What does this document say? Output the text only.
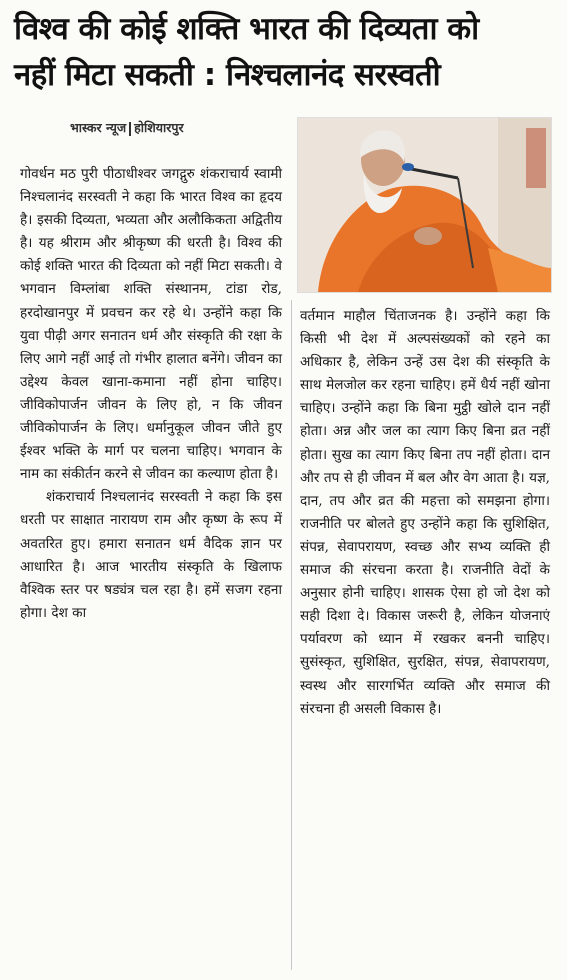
विश्व की कोई शक्ति भारत की दिव्यता को
नहीं मिटा सकती : निश्चलानंद सरस्वती
भास्कर न्यूज होशियारपुर

गोवर्धन मठ पुरी पीठाधीश्वर जगद्गुरु शंकराचार्य स्वामी निश्चलानंद सरस्वती ने कहा कि भारत विश्व का हृदय है। इसकी दिव्यता, भव्यता और अलौकिकता अद्वितीय है। यह श्रीराम और श्रीकृष्ण की धरती है। विश्व की कोई शक्ति भारत की दिव्यता को नहीं मिटा सकती। वे भगवान विम्लांबा शक्ति संस्थानम, टांडा रोड, हरदोखानपुर में प्रवचन कर रहे थे। उन्होंने कहा कि युवा पीढ़ी अगर सनातन धर्म और संस्कृति की रक्षा के लिए आगे नहीं आई तो गंभीर हालात बनेंगे। जीवन का उद्देश्य केवल खाना-कमाना नहीं होना चाहिए। जीविकोपार्जन जीवन के लिए हो, न कि जीवन जीविकोपार्जन के लिए। धर्मानुकूल जीवन जीते हुए ईश्वर भक्ति के मार्ग पर चलना चाहिए। भगवान के नाम का संकीर्तन करने से जीवन का कल्याण होता है।

शंकराचार्य निश्चलानंद सरस्वती ने कहा कि इस धरती पर साक्षात नारायण राम और कृष्ण के रूप में अवतरित हुए। हमारा सनातन धर्म वैदिक ज्ञान पर आधारित है। आज भारतीय संस्कृति के खिलाफ वैश्विक स्तर पर षड्यंत्र चल रहा है। हमें सजग रहना होगा। देश का

वर्तमान माहौल चिंताजनक है। उन्होंने कहा कि किसी भी देश में अल्पसंख्यकों को रहने का अधिकार है, लेकिन उन्हें उस देश की संस्कृति के साथ मेलजोल कर रहना चाहिए। हमें धैर्य नहीं खोना चाहिए। उन्होंने कहा कि बिना मुट्ठी खोले दान नहीं होता। अन्न और जल का त्याग किए बिना व्रत नहीं होता। सुख का त्याग किए बिना तप नहीं होता। दान और तप से ही जीवन में बल और वेग आता है। यज्ञ, दान, तप और व्रत की महत्ता को समझना होगा। राजनीति पर बोलते हुए उन्होंने कहा कि सुशिक्षित, संपन्न, सेवापरायण, स्वच्छ और सभ्य व्यक्ति ही समाज की संरचना करता है। राजनीति वेदों के अनुसार होनी चाहिए। शासक ऐसा हो जो देश को सही दिशा दे। विकास जरूरी है, लेकिन योजनाएं पर्यावरण को ध्यान में रखकर बननी चाहिए। सुसंस्कृत, सुशिक्षित, सुरक्षित, संपन्न, सेवापरायण, स्वस्थ और सारगर्भित व्यक्ति और समाज की संरचना ही असली विकास है।
